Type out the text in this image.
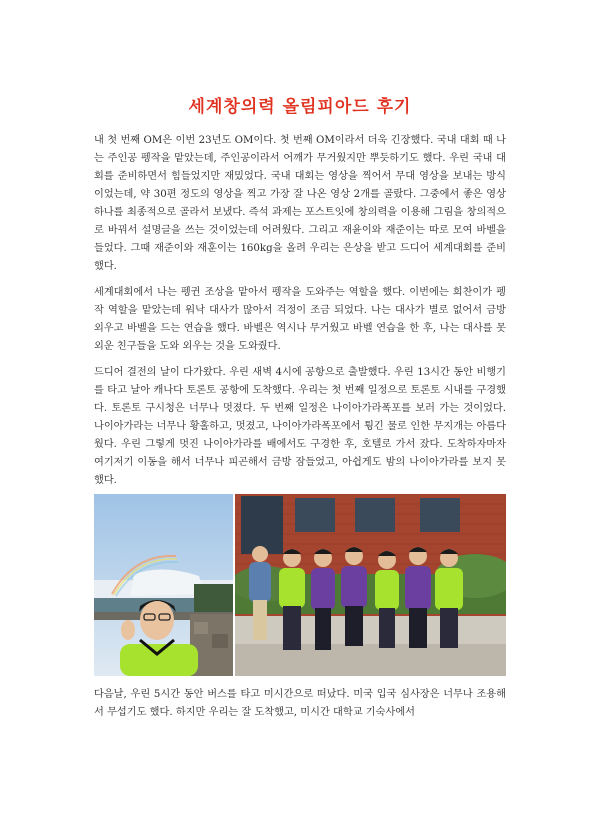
세계창의력 올림피아드 후기

내 첫 번째 OM은 이번 23년도 OM이다. 첫 번째 OM이라서 더욱 긴장했다. 국내 대회 때 나는 주인공 펭작을 맡았는데, 주인공이라서 어깨가 무거웠지만 뿌듯하기도 했다. 우린 국내 대회를 준비하면서 힘들었지만 재밌었다. 국내 대회는 영상을 찍어서 무대 영상을 보내는 방식이었는데, 약 30편 정도의 영상을 찍고 가장 잘 나온 영상 2개를 골랐다. 그중에서 좋은 영상 하나를 최종적으로 골라서 보냈다. 즉석 과제는 포스트잇에 창의력을 이용해 그림을 창의적으로 바꿔서 설명글을 쓰는 것이었는데 어려웠다. 그리고 재윤이와 재준이는 따로 모여 바벨을 들었다. 그때 재준이와 재훈이는 160kg을 올려 우리는 은상을 받고 드디어 세계대회를 준비했다.

세계대회에서 나는 펭귄 조상을 맡아서 펭작을 도와주는 역할을 했다. 이번에는 희찬이가 펭작 역할을 맡았는데 워낙 대사가 많아서 걱정이 조금 되었다. 나는 대사가 별로 없어서 금방 외우고 바벨을 드는 연습을 했다. 바벨은 역시나 무거웠고 바벨 연습을 한 후, 나는 대사를 못 외운 친구들을 도와 외우는 것을 도와줬다.

드디어 결전의 날이 다가왔다. 우린 새벽 4시에 공항으로 출발했다. 우린 13시간 동안 비행기를 타고 날아 캐나다 토론토 공항에 도착했다. 우리는 첫 번째 일정으로 토론토 시내를 구경했다. 토론토 구시청은 너무나 멋졌다. 두 번째 일정은 나이아가라폭포를 보러 가는 것이었다. 나이아가라는 너무나 황홀하고, 멋졌고, 나이아가라폭포에서 튕긴 물로 인한 무지개는 아름다웠다. 우린 그렇게 멋진 나이아가라를 배에서도 구경한 후, 호텔로 가서 잤다. 도착하자마자 여기저기 이동을 해서 너무나 피곤해서 금방 잠들었고, 아쉽게도 밤의 나이아가라를 보지 못했다.

다음날, 우린 5시간 동안 버스를 타고 미시간으로 떠났다. 미국 입국 심사장은 너무나 조용해서 무섭기도 했다. 하지만 우리는 잘 도착했고, 미시간 대학교 기숙사에서
